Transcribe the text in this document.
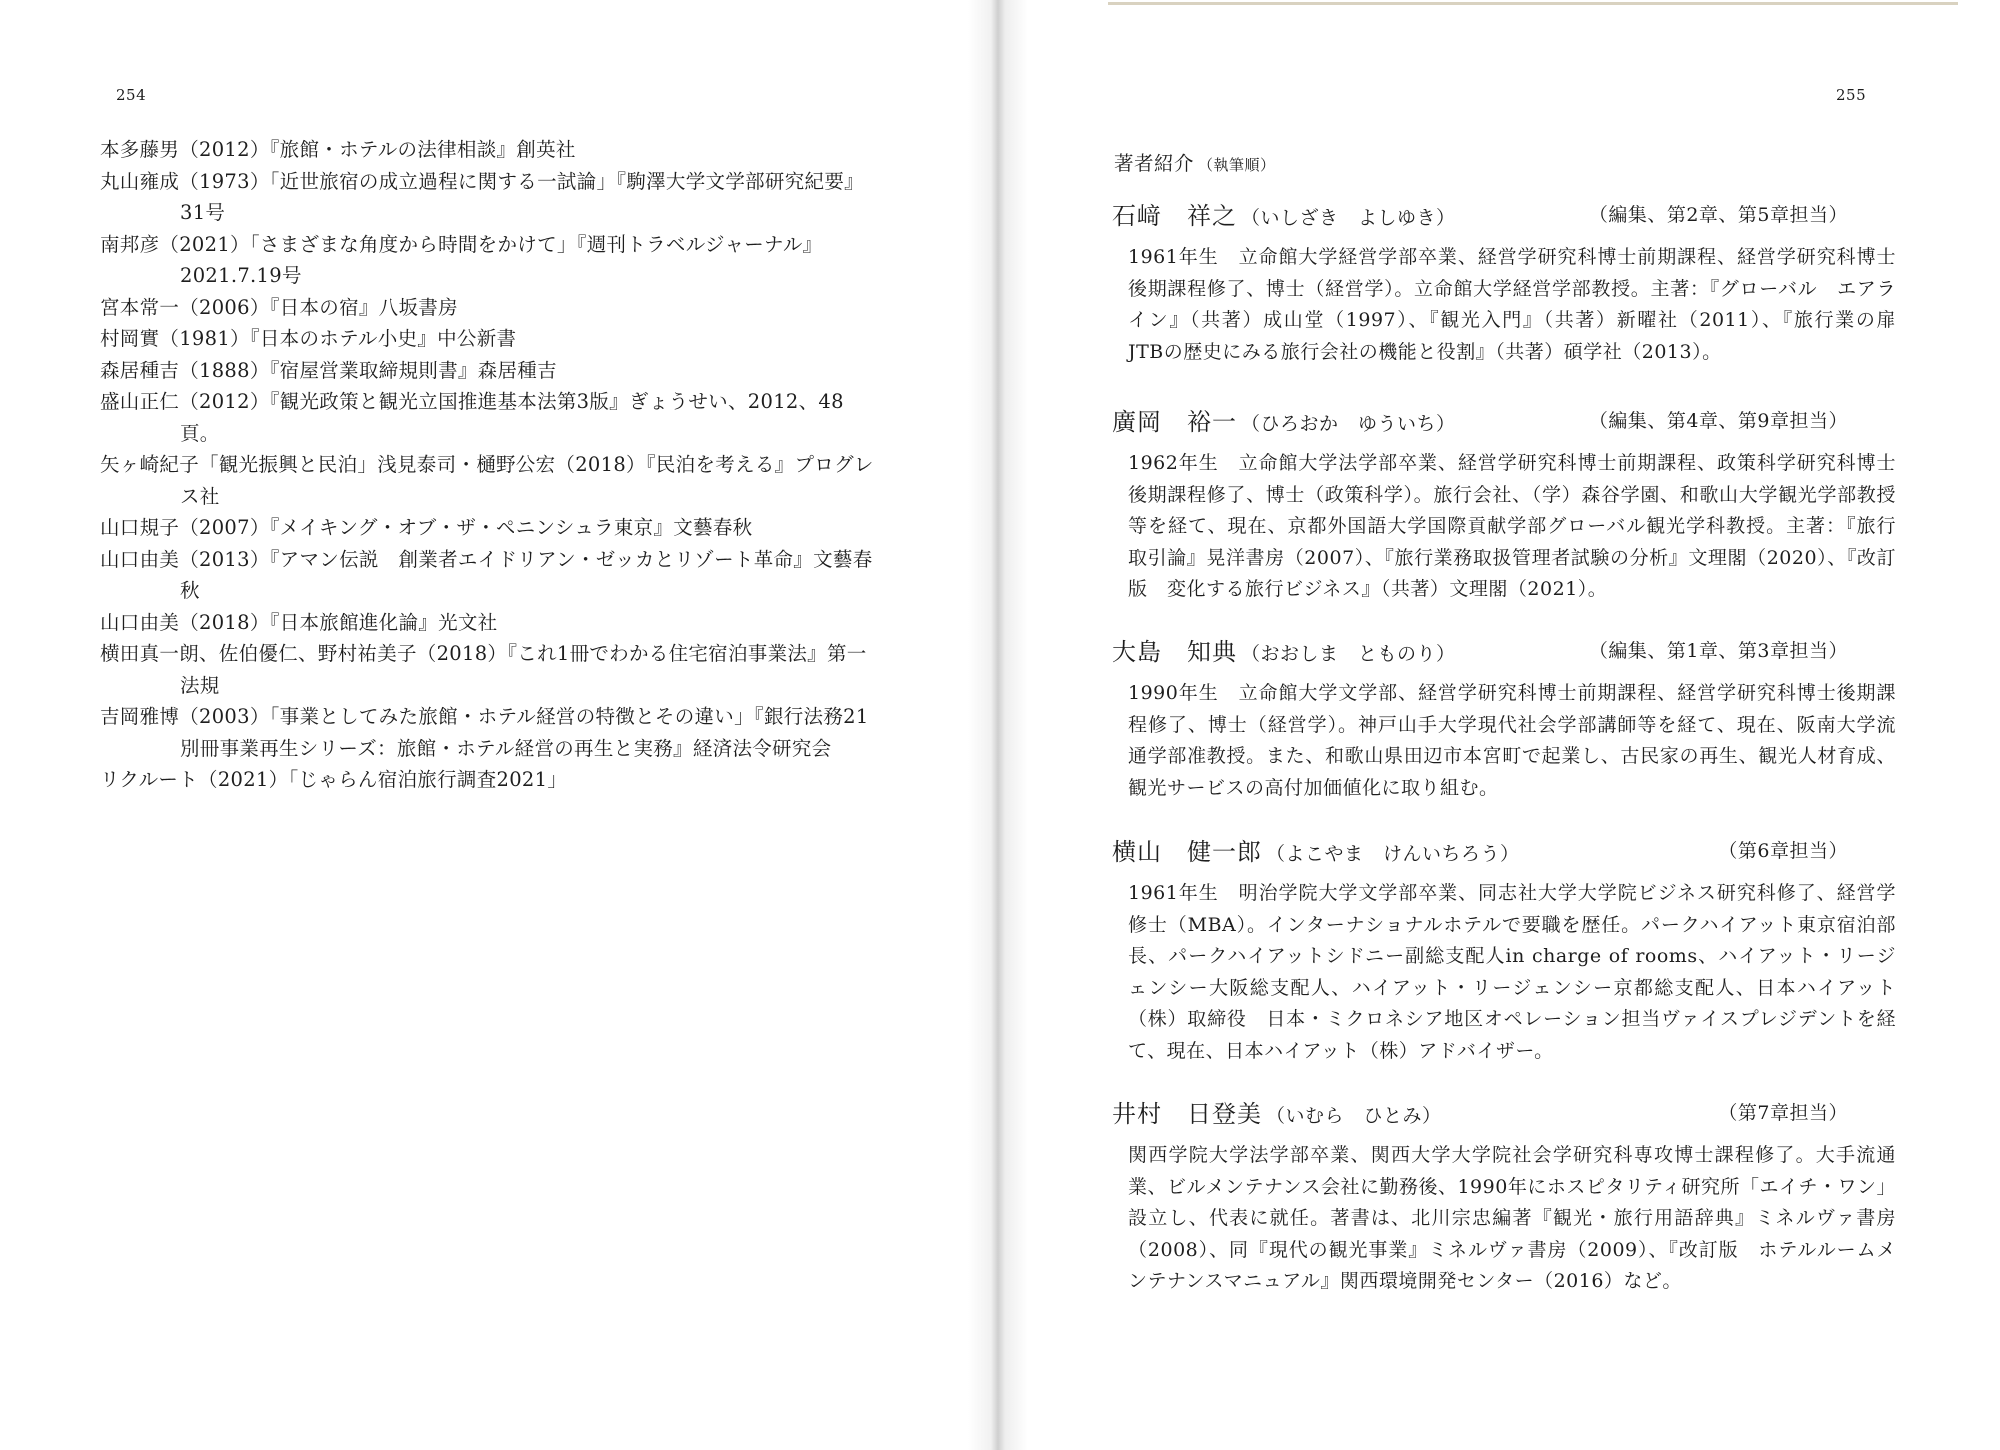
254
本多藤男（2012）『旅館・ホテルの法律相談』創英社
丸山雍成（1973）「近世旅宿の成立過程に関する一試論」『駒澤大学文学部研究紀要』31号
南邦彦（2021）「さまざまな角度から時間をかけて」『週刊トラベルジャーナル』2021.7.19号
宮本常一（2006）『日本の宿』八坂書房
村岡實（1981）『日本のホテル小史』中公新書
森居種吉（1888）『宿屋営業取締規則書』森居種吉
盛山正仁（2012）『観光政策と観光立国推進基本法第3版』ぎょうせい、2012、48頁。
矢ヶ崎紀子「観光振興と民泊」浅見泰司・樋野公宏（2018）『民泊を考える』プログレス社
山口規子（2007）『メイキング・オブ・ザ・ペニンシュラ東京』文藝春秋
山口由美（2013）『アマン伝説　創業者エイドリアン・ゼッカとリゾート革命』文藝春秋
山口由美（2018）『日本旅館進化論』光文社
横田真一朗、佐伯優仁、野村祐美子（2018）『これ1冊でわかる住宅宿泊事業法』第一法規
吉岡雅博（2003）「事業としてみた旅館・ホテル経営の特徴とその違い」『銀行法務21別冊事業再生シリーズ：旅館・ホテル経営の再生と実務』経済法令研究会
リクルート（2021）「じゃらん宿泊旅行調査2021」
255
著者紹介 （執筆順）
石﨑　祥之 （いしざき　よしゆき）	（編集、第2章、第5章担当）
1961年生　立命館大学経営学部卒業、経営学研究科博士前期課程、経営学研究科博士後期課程修了、博士（経営学）。立命館大学経営学部教授。主著：『グローバル　エアライン』（共著）成山堂（1997）、『観光入門』（共著）新曜社（2011）、『旅行業の扉 JTBの歴史にみる旅行会社の機能と役割』（共著）碩学社（2013）。
廣岡　裕一 （ひろおか　ゆういち）	（編集、第4章、第9章担当）
1962年生　立命館大学法学部卒業、経営学研究科博士前期課程、政策科学研究科博士後期課程修了、博士（政策科学）。旅行会社、（学）森谷学園、和歌山大学観光学部教授等を経て、現在、京都外国語大学国際貢献学部グローバル観光学科教授。主著：『旅行取引論』晃洋書房（2007）、『旅行業務取扱管理者試験の分析』文理閣（2020）、『改訂版　変化する旅行ビジネス』（共著）文理閣（2021）。
大島　知典 （おおしま　とものり）	（編集、第1章、第3章担当）
1990年生　立命館大学文学部、経営学研究科博士前期課程、経営学研究科博士後期課程修了、博士（経営学）。神戸山手大学現代社会学部講師等を経て、現在、阪南大学流通学部准教授。また、和歌山県田辺市本宮町で起業し、古民家の再生、観光人材育成、観光サービスの高付加価値化に取り組む。
横山　健一郎 （よこやま　けんいちろう）	（第6章担当）
1961年生　明治学院大学文学部卒業、同志社大学大学院ビジネス研究科修了、経営学修士（MBA）。インターナショナルホテルで要職を歴任。パークハイアット東京宿泊部長、パークハイアットシドニー副総支配人in charge of rooms、ハイアット・リージェンシー大阪総支配人、ハイアット・リージェンシー京都総支配人、日本ハイアット（株）取締役　日本・ミクロネシア地区オペレーション担当ヴァイスプレジデントを経て、現在、日本ハイアット（株）アドバイザー。
井村　日登美 （いむら　ひとみ）	（第7章担当）
関西学院大学法学部卒業、関西大学大学院社会学研究科専攻博士課程修了。大手流通業、ビルメンテナンス会社に勤務後、1990年にホスピタリティ研究所「エイチ・ワン」設立し、代表に就任。著書は、北川宗忠編著『観光・旅行用語辞典』ミネルヴァ書房（2008）、同『現代の観光事業』ミネルヴァ書房（2009）、『改訂版　ホテルルームメンテナンスマニュアル』関西環境開発センター（2016）など。
